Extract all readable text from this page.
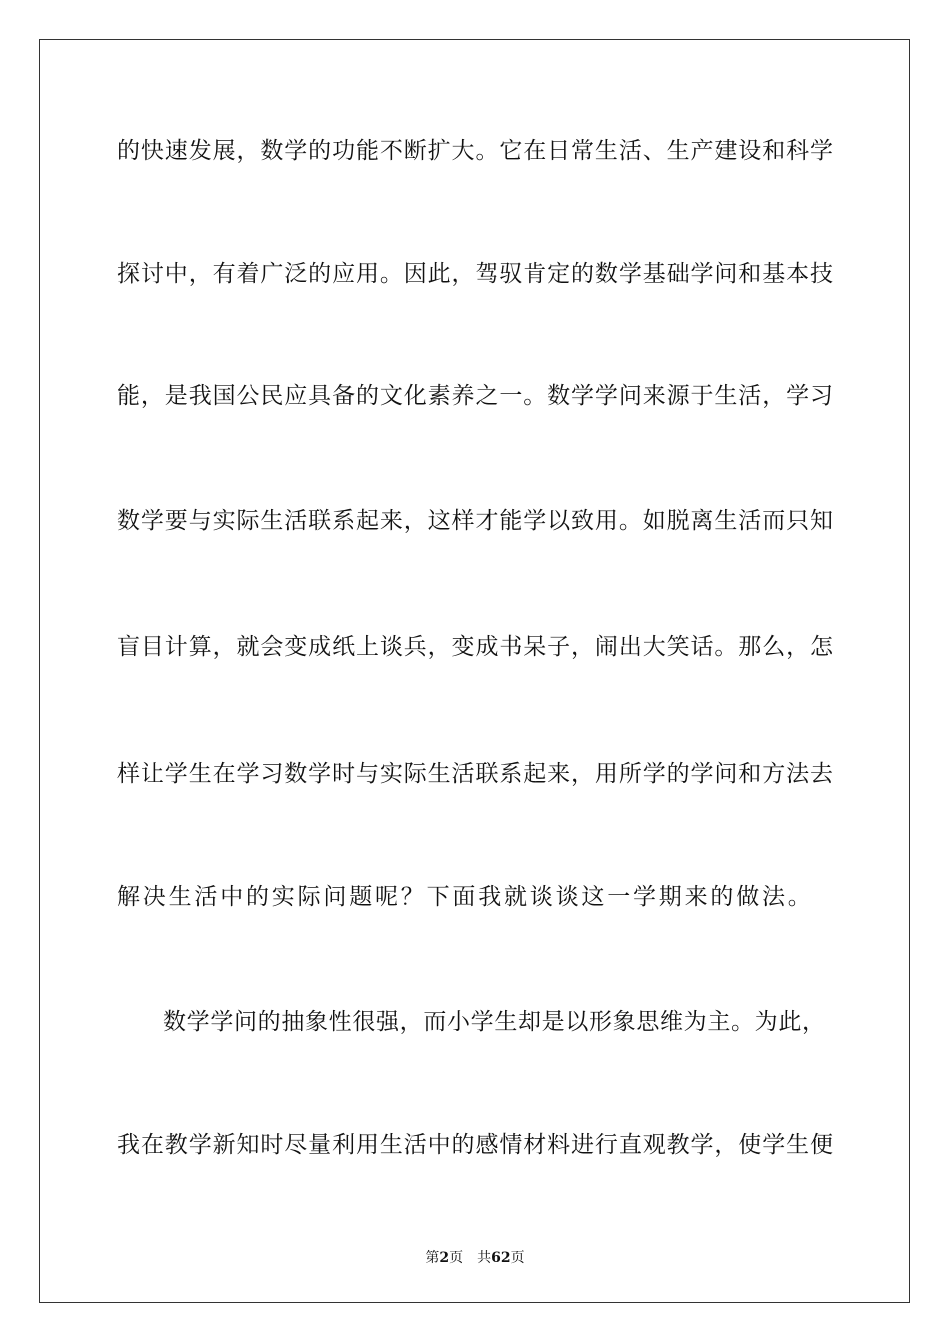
的快速发展，数学的功能不断扩大。它在日常生活、生产建设和科学
探讨中，有着广泛的应用。因此，驾驭肯定的数学基础学问和基本技
能，是我国公民应具备的文化素养之一。数学学问来源于生活，学习
数学要与实际生活联系起来，这样才能学以致用。如脱离生活而只知
盲目计算，就会变成纸上谈兵，变成书呆子，闹出大笑话。那么，怎
样让学生在学习数学时与实际生活联系起来，用所学的学问和方法去
解决生活中的实际问题呢？下面我就谈谈这一学期来的做法。
数学学问的抽象性很强，而小学生却是以形象思维为主。为此，
我在教学新知时尽量利用生活中的感情材料进行直观教学，使学生便
第2页 共62页
